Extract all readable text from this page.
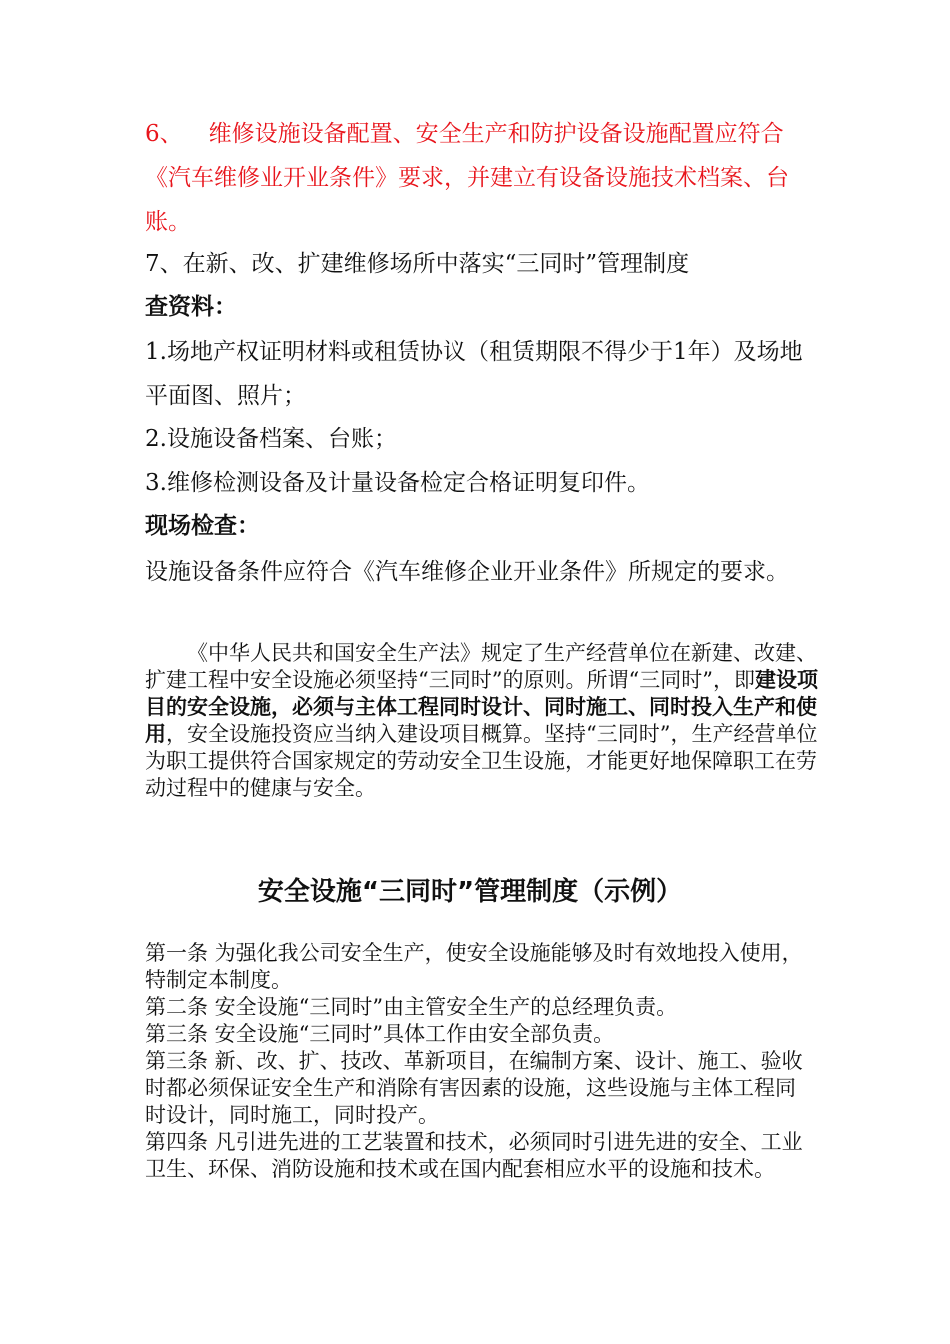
6、 维修设施设备配置、安全生产和防护设备设施配置应符合《汽车维修业开业条件》要求，并建立有设备设施技术档案、台账。

7、在新、改、扩建维修场所中落实“三同时”管理制度

查资料：

1.场地产权证明材料或租赁协议（租赁期限不得少于1年）及场地平面图、照片；

2.设施设备档案、台账；

3.维修检测设备及计量设备检定合格证明复印件。

现场检查：

设施设备条件应符合《汽车维修企业开业条件》所规定的要求。

《中华人民共和国安全生产法》规定了生产经营单位在新建、改建、扩建工程中安全设施必须坚持“三同时”的原则。所谓“三同时”，即建设项目的安全设施，必须与主体工程同时设计、同时施工、同时投入生产和使用，安全设施投资应当纳入建设项目概算。坚持“三同时”，生产经营单位为职工提供符合国家规定的劳动安全卫生设施，才能更好地保障职工在劳动过程中的健康与安全。

安全设施“三同时”管理制度（示例）

第一条 为强化我公司安全生产，使安全设施能够及时有效地投入使用，特制定本制度。

第二条 安全设施“三同时”由主管安全生产的总经理负责。

第三条 安全设施“三同时”具体工作由安全部负责。

第三条 新、改、扩、技改、革新项目，在编制方案、设计、施工、验收时都必须保证安全生产和消除有害因素的设施，这些设施与主体工程同时设计，同时施工，同时投产。

第四条 凡引进先进的工艺装置和技术，必须同时引进先进的安全、工业卫生、环保、消防设施和技术或在国内配套相应水平的设施和技术。
